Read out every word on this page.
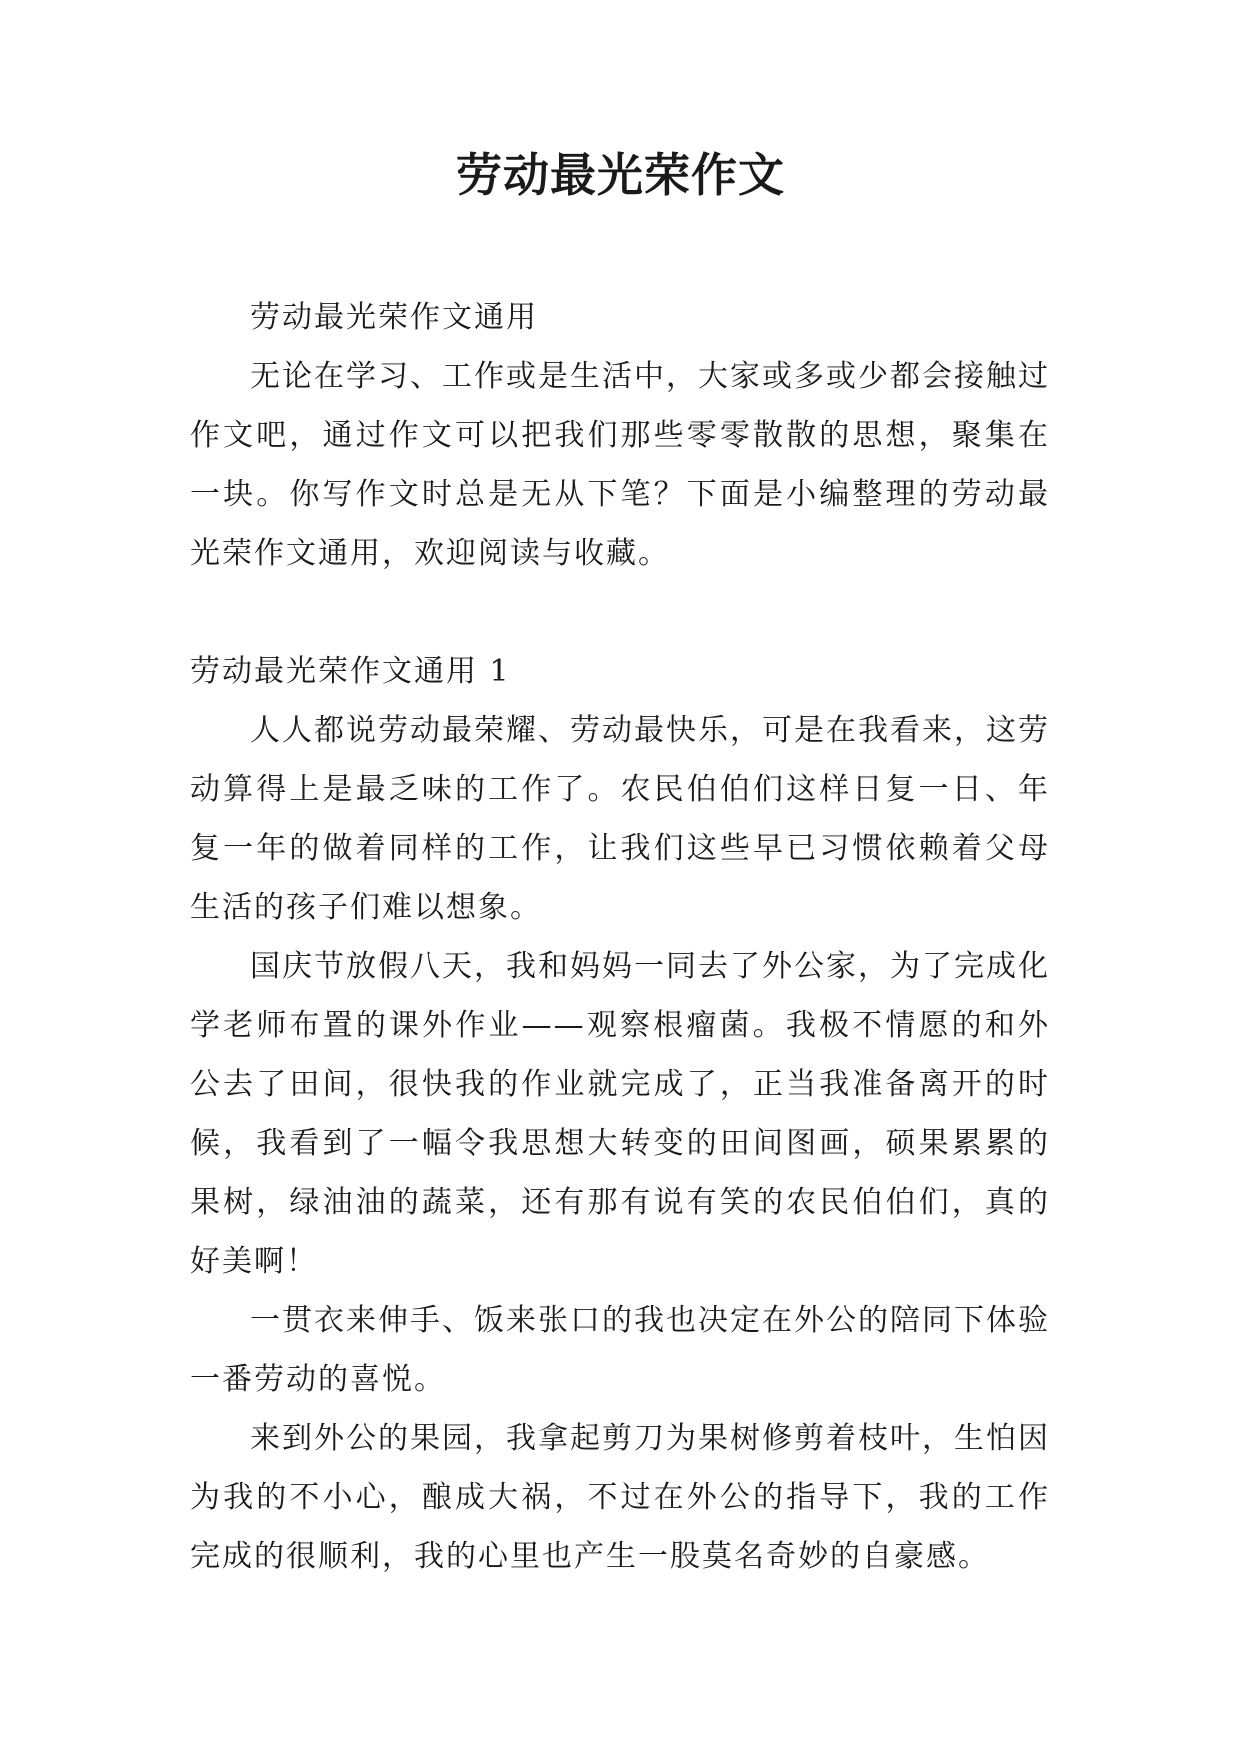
劳动最光荣作文

劳动最光荣作文通用

无论在学习、工作或是生活中，大家或多或少都会接触过作文吧，通过作文可以把我们那些零零散散的思想，聚集在一块。你写作文时总是无从下笔？下面是小编整理的劳动最光荣作文通用，欢迎阅读与收藏。

劳动最光荣作文通用 1

人人都说劳动最荣耀、劳动最快乐，可是在我看来，这劳动算得上是最乏味的工作了。农民伯伯们这样日复一日、年复一年的做着同样的工作，让我们这些早已习惯依赖着父母生活的孩子们难以想象。

国庆节放假八天，我和妈妈一同去了外公家，为了完成化学老师布置的课外作业——观察根瘤菌。我极不情愿的和外公去了田间，很快我的作业就完成了，正当我准备离开的时候，我看到了一幅令我思想大转变的田间图画，硕果累累的果树，绿油油的蔬菜，还有那有说有笑的农民伯伯们，真的好美啊！

一贯衣来伸手、饭来张口的我也决定在外公的陪同下体验一番劳动的喜悦。

来到外公的果园，我拿起剪刀为果树修剪着枝叶，生怕因为我的不小心，酿成大祸，不过在外公的指导下，我的工作完成的很顺利，我的心里也产生一股莫名奇妙的自豪感。
